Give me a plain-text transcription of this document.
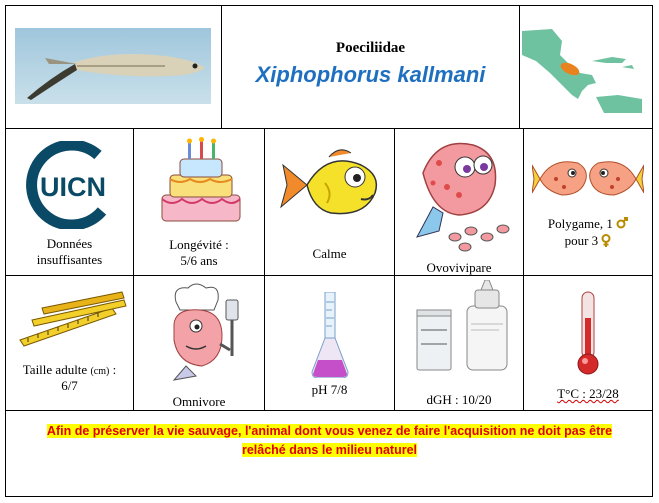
Poeciliidae
Xiphophorus kallmani
UICN
Données insuffisantes
Longévité :
5/6 ans	Calme
Ovovivipare
Polygame, 1
pour 3
Taille adulte (cm) :
6/7
Omnivore
pH 7/8
dGH : 10/20	T°C : 23/28
Afin de préserver la vie sauvage, l'animal dont vous venez de faire l'acquisition ne doit pas être
relâché dans le milieu naturel
